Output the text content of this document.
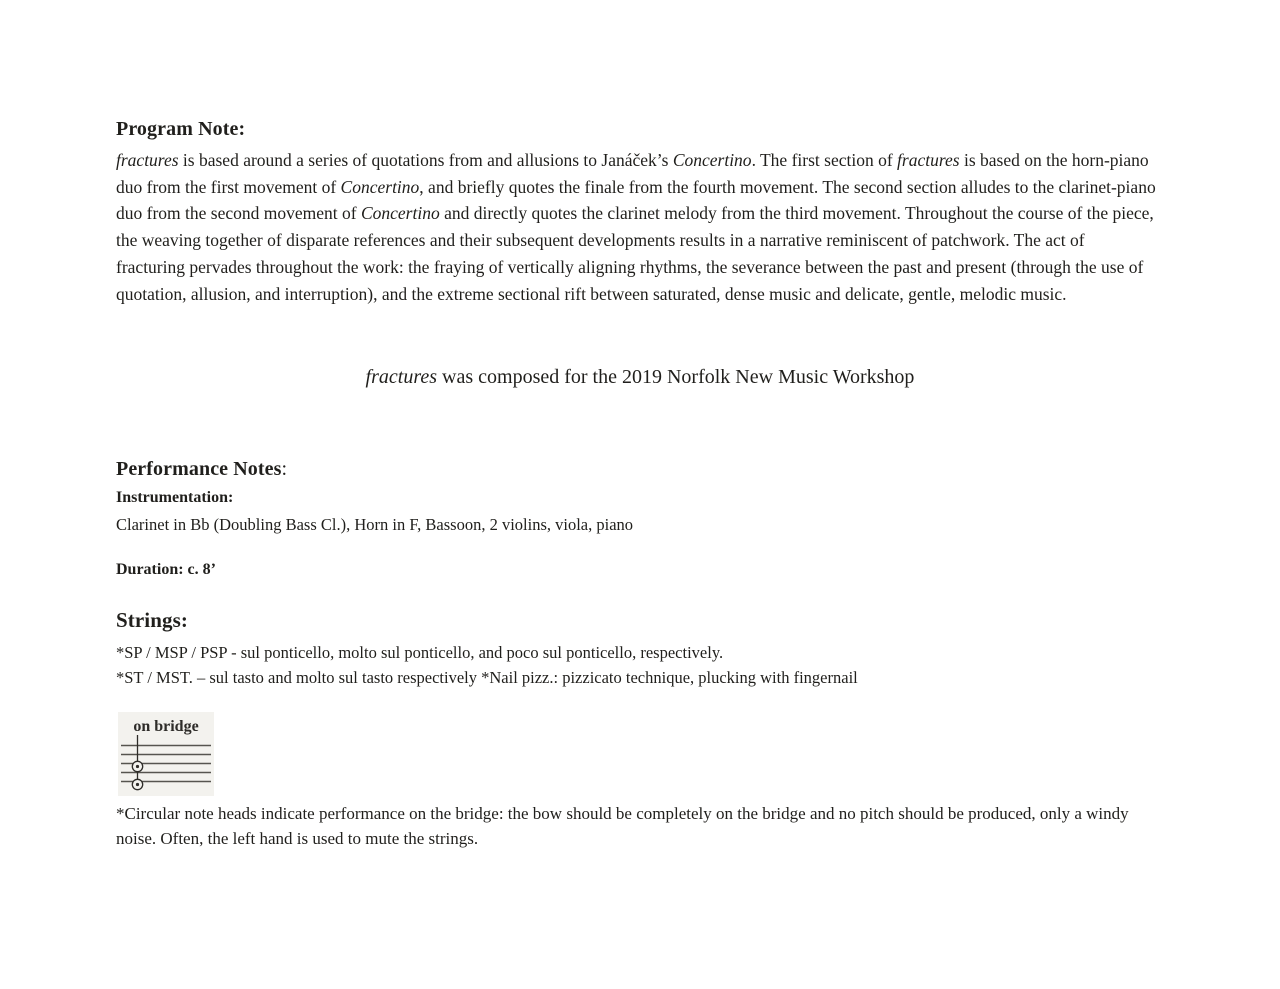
Program Note:
fractures is based around a series of quotations from and allusions to Janáček’s Concertino. The first section of fractures is based on the horn-piano duo from the first movement of Concertino, and briefly quotes the finale from the fourth movement. The second section alludes to the clarinet-piano duo from the second movement of Concertino and directly quotes the clarinet melody from the third movement. Throughout the course of the piece, the weaving together of disparate references and their subsequent developments results in a narrative reminiscent of patchwork. The act of fracturing pervades throughout the work: the fraying of vertically aligning rhythms, the severance between the past and present (through the use of quotation, allusion, and interruption), and the extreme sectional rift between saturated, dense music and delicate, gentle, melodic music.
fractures was composed for the 2019 Norfolk New Music Workshop
Performance Notes:
Instrumentation:
Clarinet in Bb (Doubling Bass Cl.), Horn in F, Bassoon, 2 violins, viola, piano
Duration: c. 8’
Strings:
*SP / MSP / PSP - sul ponticello, molto sul ponticello, and poco sul ponticello, respectively.
*ST / MST. – sul tasto and molto sul tasto respectively *Nail pizz.: pizzicato technique, plucking with fingernail
on bridge
*Circular note heads indicate performance on the bridge: the bow should be completely on the bridge and no pitch should be produced, only a windy noise. Often, the left hand is used to mute the strings.
